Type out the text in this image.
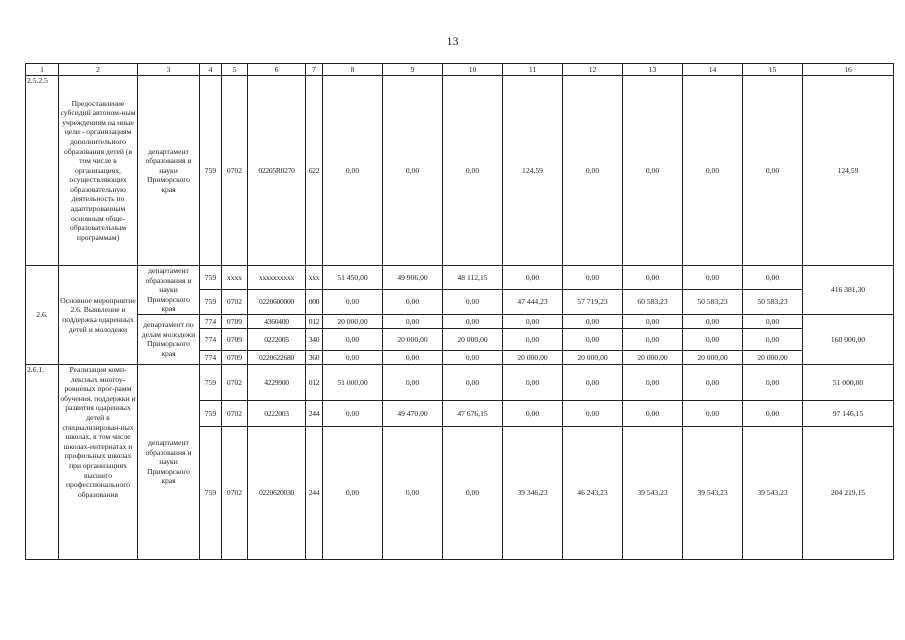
13
1	2	3	4	5	6	7	8	9	10	11	12	13	14	15	16
2.5.2.5	Предоставление субсидий автоном-ным учреждениям на иные цели - организациям дополнительного образования детей (в том числе в организациях, осуществляющих образовательную деятельность по адаптированным основным обще-образовательным программам)	департамент образования и науки Приморского края	759	0702	02205R0270	622	0,00	0,00	0,00	124,59	0,00	0,00	0,00	0,00	124,59
2.6.	Основное мероприятие 2.6. Выявление и поддержка одаренных детей и молодежи	департамент образования и науки Приморского края	759	xxxx	xxxxxxxxxx	xxx	51 450,00	49 906,00	48 112,15	0,00	0,00	0,00	0,00	0,00	416 381,30
			759	0702	0220600000	000	0,00	0,00	0,00	47 444,23	57 719,23	60 583,23	50 583,23	50 583,23	
		департамент по делам молодежи Приморского края	774	0709	4360400	012	20 000,00	0,00	0,00	0,00	0,00	0,00	0,00	0,00	160 000,00
			774	0709	0222005	340	0,00	20 000,00	20 000,00	0,00	0,00	0,00	0,00	0,00	
			774	0709	0220622680	360	0,00	0,00	0,00	20 000,00	20 000,00	20 000,00	20 000,00	20 000,00	
2.6.1.	Реализация комп-лексных многоу-ровневых прог-рамм обучения, поддержки и развития одаренных детей в специализирован-ных школах, в том числе школах-интернатах и профильных школах при организациях высшего профессионального образования	департамент образования и науки Приморского края	759	0702	4229900	012	51 000,00	0,00	0,00	0,00	0,00	0,00	0,00	0,00	51 000,00
			759	0702	0222003	244	0,00	49 470,00	47 676,15	0,00	0,00	0,00	0,00	0,00	97 146,15
			759	0702	0220620030	244	0,00	0,00	0,00	39 346,23	46 243,23	39 543,23	39 543,23	39 543,23	204 219,15
